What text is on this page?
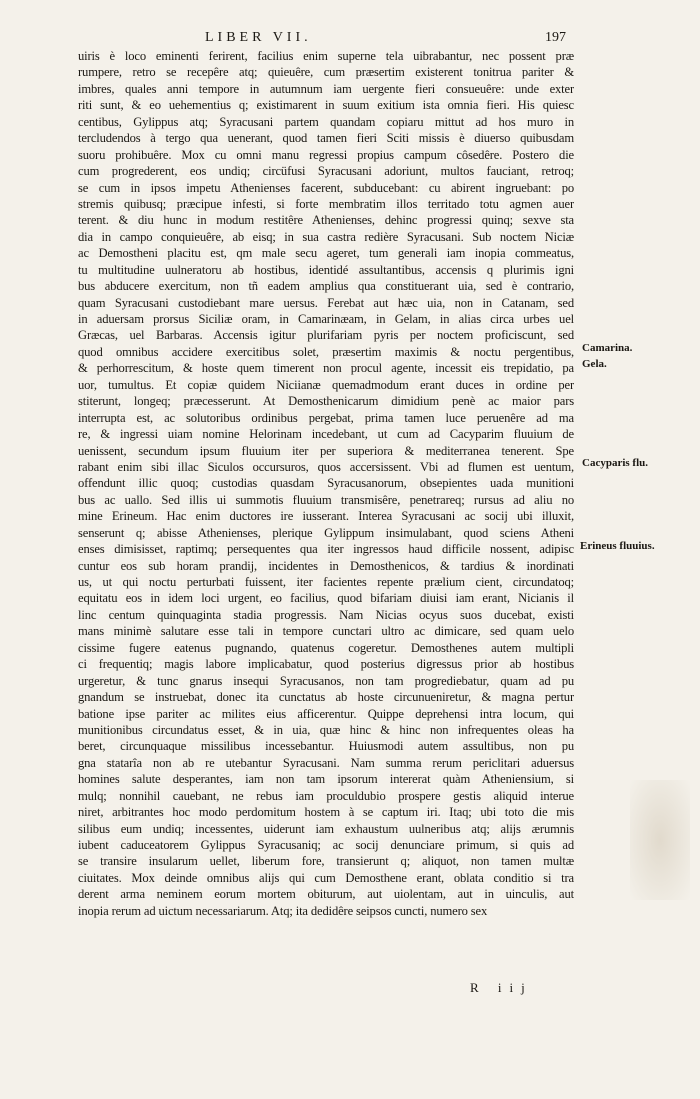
LIBER VII.	197
uiris è loco eminenti ferirent, facilius enim superne tela uibrabantur, nec possent præ
rumpere, retro se recepêre atq; quieuêre, cum præsertim existerent tonitrua pariter &
imbres, quales anni tempore in autumnum iam uergente fieri consueuêre: unde exter
riti sunt, & eo uehementius q; existimarent in suum exitium ista omnia fieri. His quiesc
centibus, Gylippus atq; Syracusani partem quandam copiaru mittut ad hos muro in
tercludendos à tergo qua uenerant, quod tamen fieri Sciti missis è diuerso quibusdam
suoru prohibuêre. Mox cu omni manu regressi propius campum côsedêre. Postero die
cum progrederent, eos undiq; circüfusi Syracusani adoriunt, multos fauciant, retroq;
se cum in ipsos impetu Athenienses facerent, subducebant: cu abirent ingruebant: po
stremis quibusq; præcipue infesti, si forte membratim illos territado totu agmen auer
terent. & diu hunc in modum restitêre Athenienses, dehinc progressi quinq; sexve sta
dia in campo conquieuêre, ab eisq; in sua castra redière Syracusani. Sub noctem Niciæ
ac Demostheni placitu est, qm male secu ageret, tum generali iam inopia commeatus,
tu multitudine uulneratoru ab hostibus, identidé assultantibus, accensis q plurimis igni
bus abducere exercitum, non tñ eadem amplius qua constituerant uia, sed è contrario,
quam Syracusani custodiebant mare uersus. Ferebat aut hæc uia, non in Catanam, sed
in aduersam prorsus Siciliæ oram, in Camarinæam, in Gelam, in alias circa urbes uel
Græcas, uel Barbaras. Accensis igitur plurifariam pyris per noctem proficiscunt, sed
quod omnibus accidere exercitibus solet, præsertim maximis & noctu pergentibus,
& perhorrescitum, & hoste quem timerent non procul agente, incessit eis trepidatio, pa
uor, tumultus. Et copiæ quidem Niciianæ quemadmodum erant duces in ordine per
stiterunt, longeq; præcesserunt. At Demosthenicarum dimidium penè ac maior pars
interrupta est, ac solutoribus ordinibus pergebat, prima tamen luce peruenêre ad ma
re, & ingressi uiam nomine Helorinam incedebant, ut cum ad Cacyparim fluuium de
uenissent, secundum ipsum fluuium iter per superiora & mediterranea tenerent. Spe
rabant enim sibi illac Siculos occursuros, quos accersissent. Vbi ad flumen est uentum,
offendunt illic quoq; custodias quasdam Syracusanorum, obsepientes uada munitioni
bus ac uallo. Sed illis ui summotis fluuium transmisêre, penetrareq; rursus ad aliu no
mine Erineum. Hac enim ductores ire iusserant. Interea Syracusani ac socij ubi illuxit,
senserunt q; abisse Athenienses, plerique Gylippum insimulabant, quod sciens Atheni
enses dimisisset, raptimq; persequentes qua iter ingressos haud difficile nossent, adipisc
cuntur eos sub horam prandij, incidentes in Demosthenicos, & tardius & inordinati
us, ut qui noctu perturbati fuissent, iter facientes repente prælium cient, circundatoq;
equitatu eos in idem loci urgent, eo facilius, quod bifariam diuisi iam erant, Nicianis il
linc centum quinquaginta stadia progressis. Nam Nicias ocyus suos ducebat, existi
mans minimè salutare esse tali in tempore cunctari ultro ac dimicare, sed quam uelo
cissime fugere eatenus pugnando, quatenus cogeretur. Demosthenes autem multipli
ci frequentiq; magis labore implicabatur, quod posterius digressus prior ab hostibus
urgeretur, & tunc gnarus insequi Syracusanos, non tam progrediebatur, quam ad pu
gnandum se instruebat, donec ita cunctatus ab hoste circunueniretur, & magna pertur
batione ipse pariter ac milites eius afficerentur. Quippe deprehensi intra locum, qui
munitionibus circundatus esset, & in uia, quæ hinc & hinc non infrequentes oleas ha
beret, circunquaque missilibus incessebantur. Huiusmodi autem assultibus, non pu
gna statarîa non ab re utebantur Syracusani. Nam summa rerum periclitari aduersus
homines salute desperantes, iam non tam ipsorum intererat quàm Atheniensium, si
mulq; nonnihil cauebant, ne rebus iam proculdubio prospere gestis aliquid interue
niret, arbitrantes hoc modo perdomitum hostem à se captum iri. Itaq; ubi toto die mis
silibus eum undiq; incessentes, uiderunt iam exhaustum uulneribus atq; alijs ærumnis
iubent caduceatorem Gylippus Syracusaniq; ac socij denunciare primum, si quis ad
se transire insularum uellet, liberum fore, transierunt q; aliquot, non tamen multæ
ciuitates. Mox deinde omnibus alijs qui cum Demosthene erant, oblata conditio si tra
derent arma neminem eorum mortem obiturum, aut uiolentam, aut in uinculis, aut
inopia rerum ad uictum necessariarum. Atq; ita dedidêre seipsos cuncti, numero sex
Camarina.
Gela.
Cacyparis flu.
Erineus fluuius.
R iij
